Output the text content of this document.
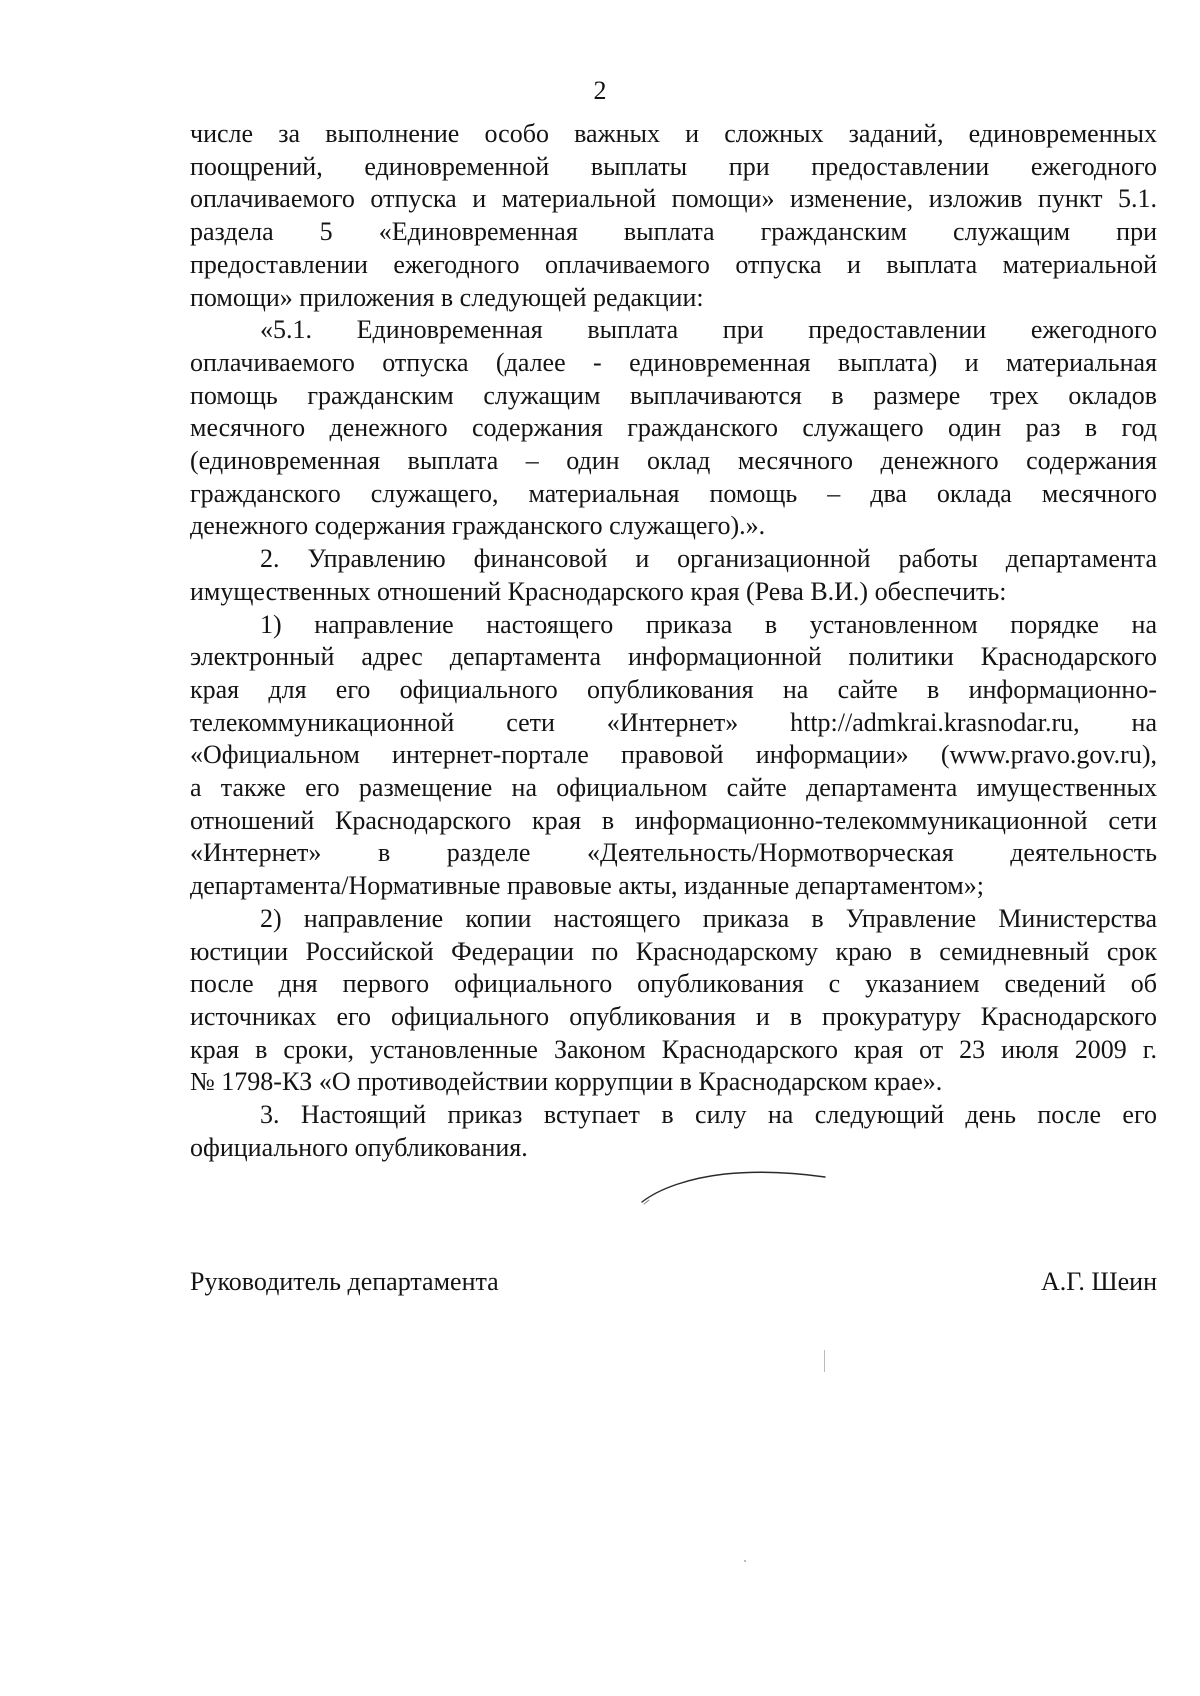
2

числе за выполнение особо важных и сложных заданий, единовременных

поощрений, единовременной выплаты при предоставлении ежегодного

оплачиваемого отпуска и материальной помощи» изменение, изложив пункт 5.1.

раздела 5 «Единовременная выплата гражданским служащим при

предоставлении ежегодного оплачиваемого отпуска и выплата материальной

помощи» приложения в следующей редакции:

«5.1. Единовременная выплата при предоставлении ежегодного

оплачиваемого отпуска (далее - единовременная выплата) и материальная

помощь гражданским служащим выплачиваются в размере трех окладов

месячного денежного содержания гражданского служащего один раз в год

(единовременная выплата – один оклад месячного денежного содержания

гражданского служащего, материальная помощь – два оклада месячного

денежного содержания гражданского служащего).».

2. Управлению финансовой и организационной работы департамента

имущественных отношений Краснодарского края (Рева В.И.) обеспечить:

1) направление настоящего приказа в установленном порядке на

электронный адрес департамента информационной политики Краснодарского

края для его официального опубликования на сайте в информационно-

телекоммуникационной сети «Интернет» http://admkrai.krasnodar.ru, на

«Официальном интернет-портале правовой информации» (www.pravo.gov.ru),

а также его размещение на официальном сайте департамента имущественных

отношений Краснодарского края в информационно-телекоммуникационной сети

«Интернет» в разделе «Деятельность/Нормотворческая деятельность

департамента/Нормативные правовые акты, изданные департаментом»;

2) направление копии настоящего приказа в Управление Министерства

юстиции Российской Федерации по Краснодарскому краю в семидневный срок

после дня первого официального опубликования с указанием сведений об

источниках его официального опубликования и в прокуратуру Краснодарского

края в сроки, установленные Законом Краснодарского края от 23 июля 2009 г.

№ 1798-КЗ «О противодействии коррупции в Краснодарском крае».

3. Настоящий приказ вступает в силу на следующий день после его

официального опубликования.

Руководитель департамента	А.Г. Шеин
